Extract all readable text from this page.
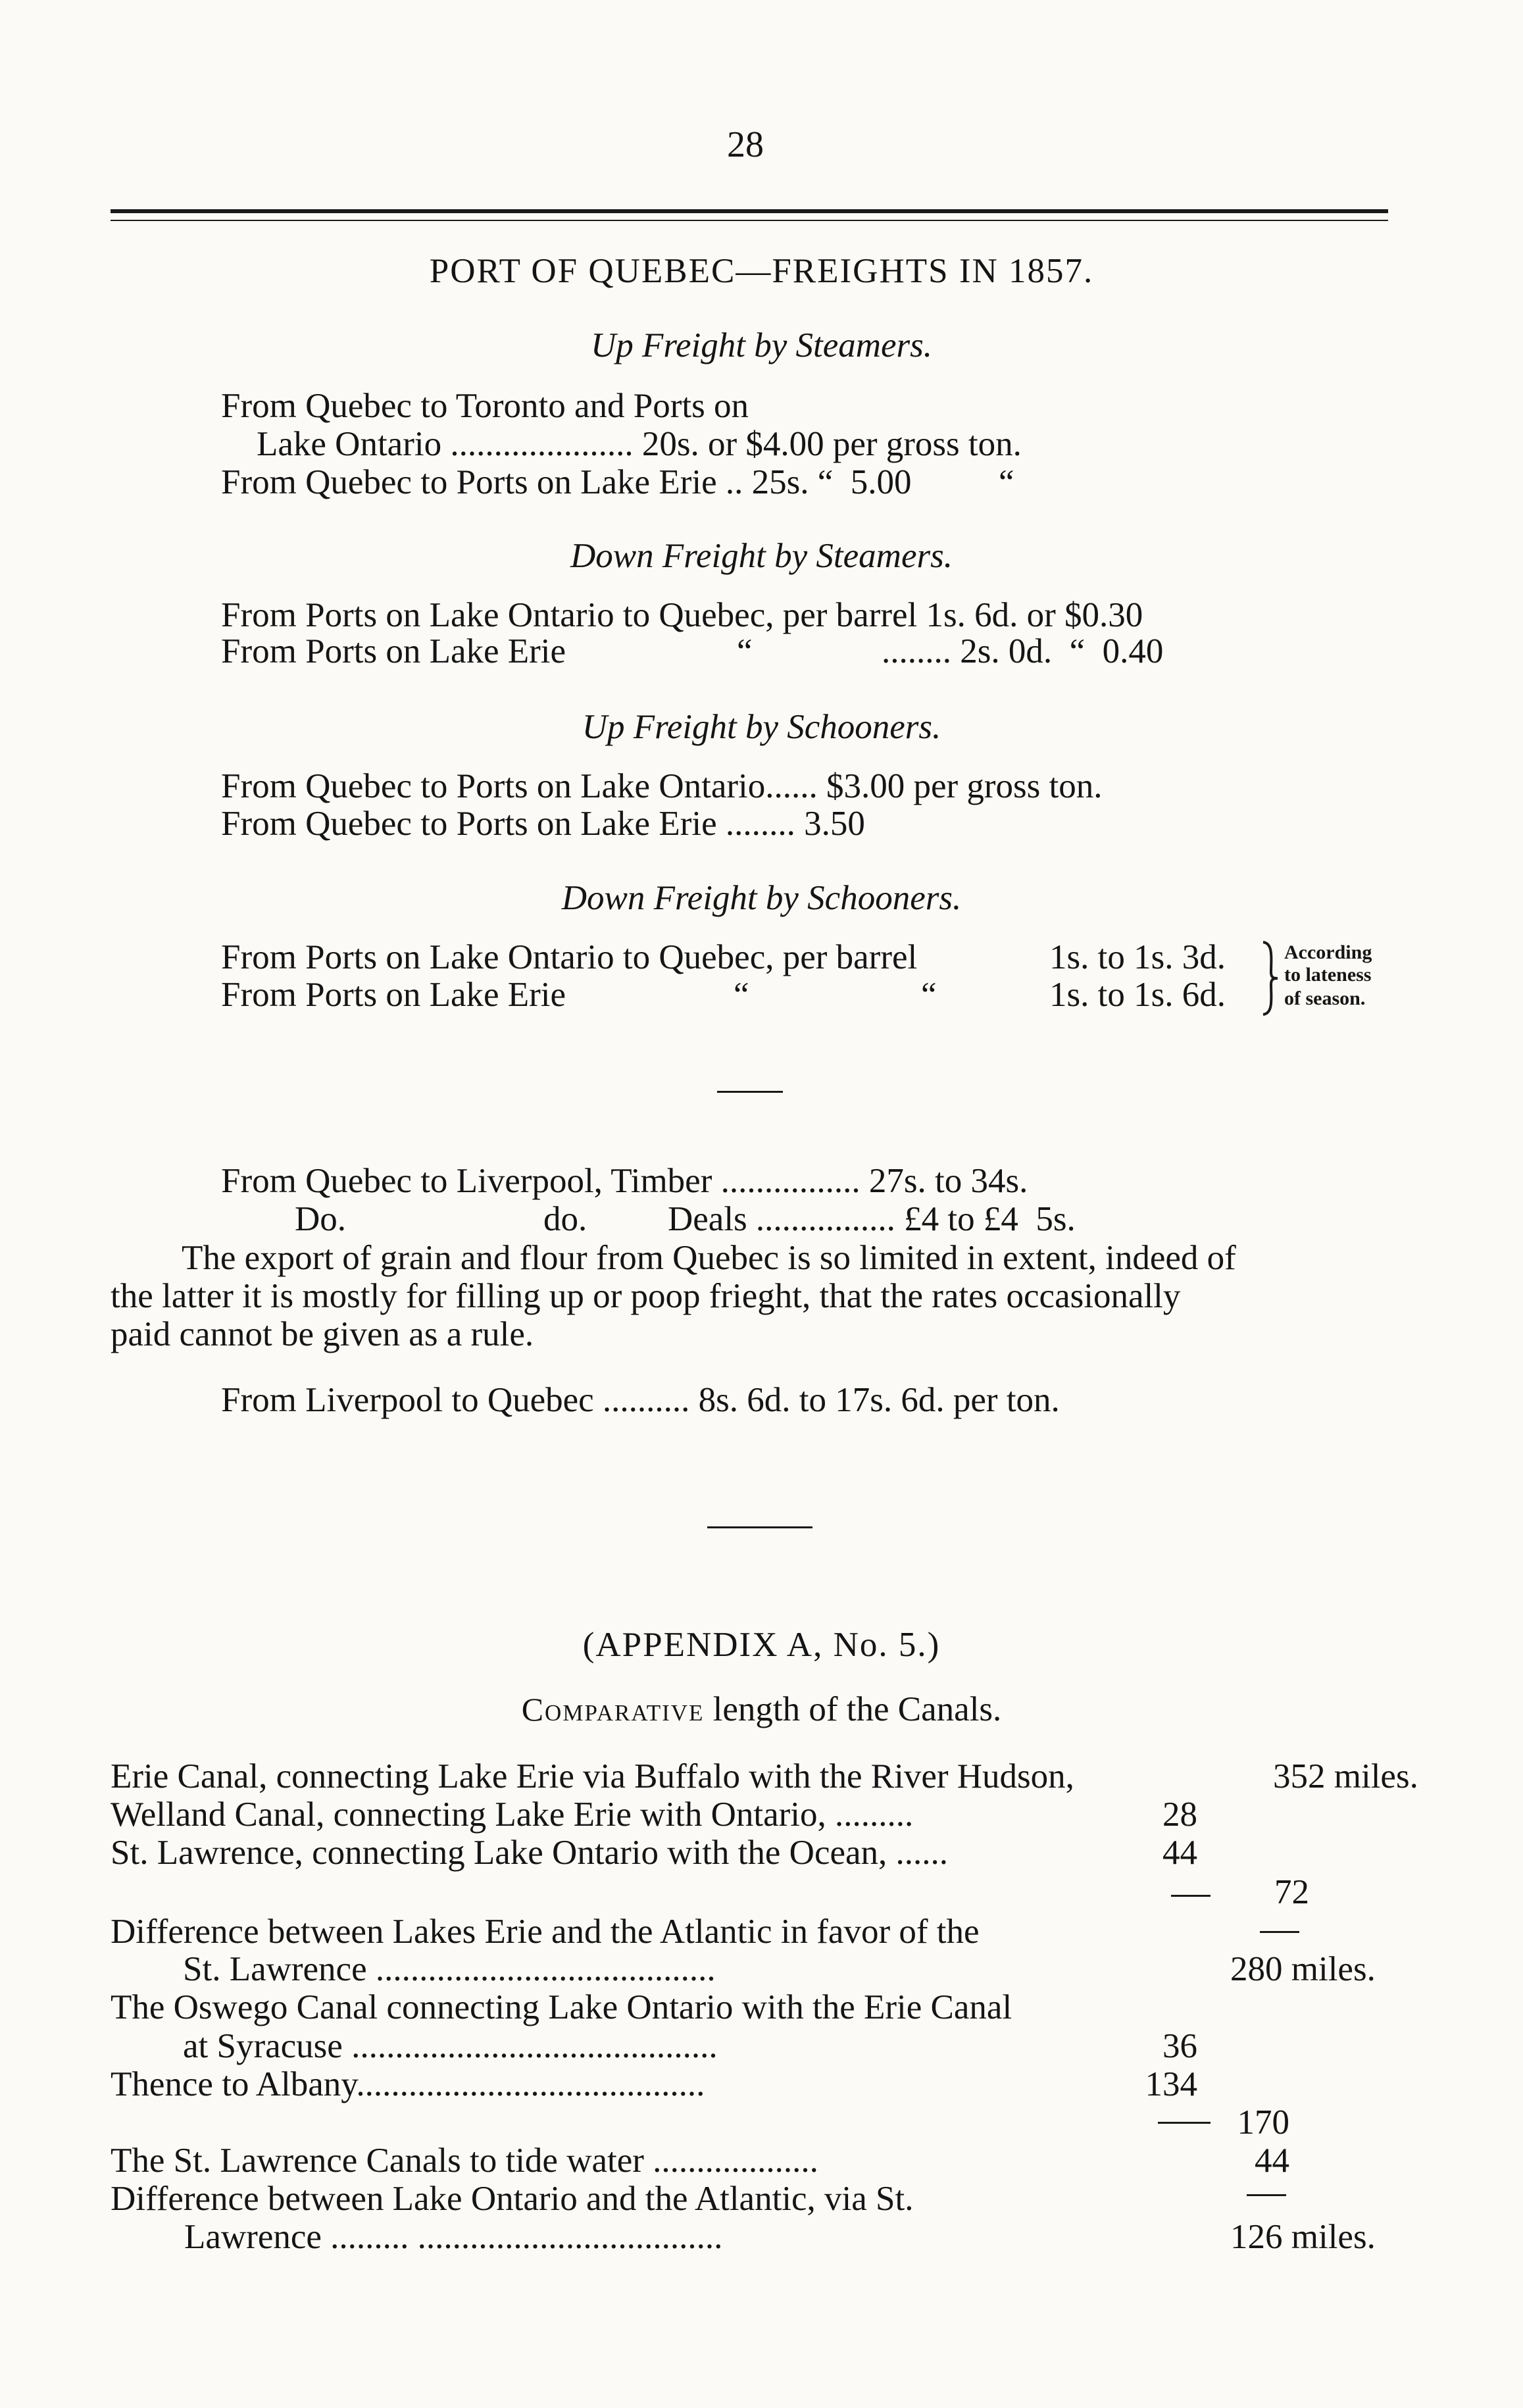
28
PORT OF QUEBEC—FREIGHTS IN 1857.
Up Freight by Steamers.
From Quebec to Toronto and Ports on
Lake Ontario ..................... 20s. or $4.00 per gross ton.
From Quebec to Ports on Lake Erie .. 25s. “  5.00          “
Down Freight by Steamers.
From Ports on Lake Ontario to Quebec, per barrel 1s. 6d. or $0.30
From Ports on Lake Erie	“	........ 2s. 0d.  “  0.40
Up Freight by Schooners.
From Quebec to Ports on Lake Ontario...... $3.00 per gross ton.
From Quebec to Ports on Lake Erie ........ 3.50
Down Freight by Schooners.
From Ports on Lake Ontario to Quebec, per barrel	1s. to 1s. 3d.
From Ports on Lake Erie	“	“	1s. to 1s. 6d.
According
to lateness
of season.
From Quebec to Liverpool, Timber ................ 27s. to 34s.
Do.	do. Deals ................ £4 to £4  5s.
The export of grain and flour from Quebec is so limited in extent, indeed of
the latter it is mostly for filling up or poop frieght, that the rates occasionally
paid cannot be given as a rule.
From Liverpool to Quebec .......... 8s. 6d. to 17s. 6d. per ton.
(APPENDIX A, No. 5.)
Comparative length of the Canals.
Erie Canal, connecting Lake Erie via Buffalo with the River Hudson,	352 miles.
Welland Canal, connecting Lake Erie with Ontario, .........	28
St. Lawrence, connecting Lake Ontario with the Ocean, ......	44
72
Difference between Lakes Erie and the Atlantic in favor of the
St. Lawrence .......................................	280 miles.
The Oswego Canal connecting Lake Ontario with the Erie Canal
at Syracuse ..........................................	36
Thence to Albany........................................	134
170
The St. Lawrence Canals to tide water ...................	44
Difference between Lake Ontario and the Atlantic, via St.
Lawrence ......... ...................................	126 miles.
